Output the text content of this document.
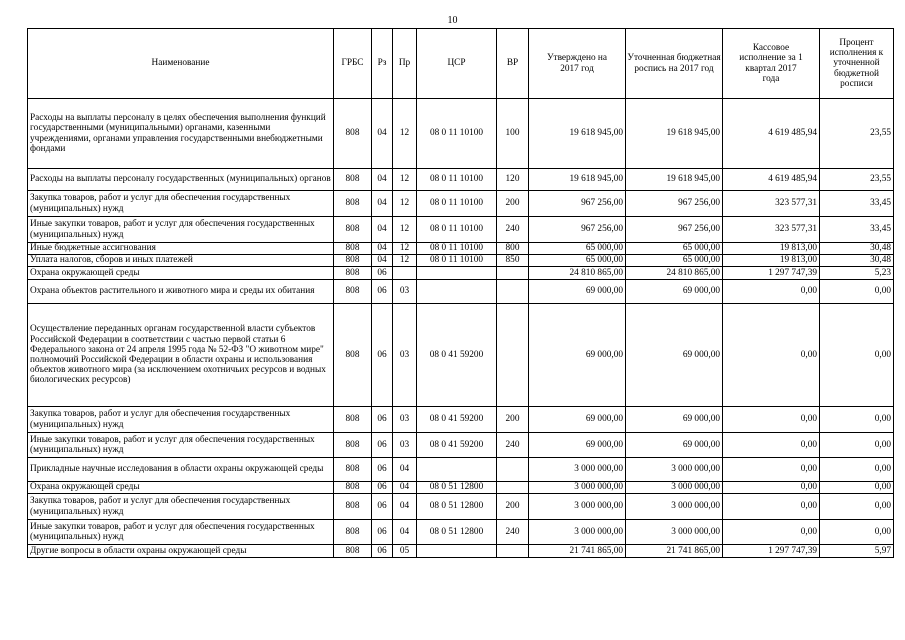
10
Наименование	ГРБС	Рз	Пр	ЦСР	ВР	Утверждено на 2017 год	Уточненная бюджетная роспись на 2017 год	Кассовое исполнение за 1 квартал 2017 года	Процент исполнения к уточненной бюджетной росписи
Расходы на выплаты персоналу в целях обеспечения выполнения функций государственными (муниципальными) органами, казенными учреждениями, органами управления государственными внебюджетными фондами	808	04	12	08 0 11 10100	100	19 618 945,00	19 618 945,00	4 619 485,94	23,55
Расходы на выплаты персоналу государственных (муниципальных) органов	808	04	12	08 0 11 10100	120	19 618 945,00	19 618 945,00	4 619 485,94	23,55
Закупка товаров, работ и услуг для обеспечения государственных (муниципальных) нужд	808	04	12	08 0 11 10100	200	967 256,00	967 256,00	323 577,31	33,45
Иные закупки товаров, работ и услуг для обеспечения государственных (муниципальных) нужд	808	04	12	08 0 11 10100	240	967 256,00	967 256,00	323 577,31	33,45
Иные бюджетные ассигнования	808	04	12	08 0 11 10100	800	65 000,00	65 000,00	19 813,00	30,48
Уплата налогов, сборов и иных платежей	808	04	12	08 0 11 10100	850	65 000,00	65 000,00	19 813,00	30,48
Охрана окружающей среды	808	06				24 810 865,00	24 810 865,00	1 297 747,39	5,23
Охрана объектов растительного и животного мира и среды их обитания	808	06	03			69 000,00	69 000,00	0,00	0,00
Осуществление переданных органам государственной власти субъектов Российской Федерации в соответствии с частью первой статьи 6 Федерального закона от 24 апреля 1995 года № 52-ФЗ "О животном мире" полномочий Российской Федерации в области охраны и использования объектов животного мира (за исключением охотничьих ресурсов и водных биологических ресурсов)	808	06	03	08 0 41 59200		69 000,00	69 000,00	0,00	0,00
Закупка товаров, работ и услуг для обеспечения государственных (муниципальных) нужд	808	06	03	08 0 41 59200	200	69 000,00	69 000,00	0,00	0,00
Иные закупки товаров, работ и услуг для обеспечения государственных (муниципальных) нужд	808	06	03	08 0 41 59200	240	69 000,00	69 000,00	0,00	0,00
Прикладные научные исследования в области охраны окружающей среды	808	06	04			3 000 000,00	3 000 000,00	0,00	0,00
Охрана окружающей среды	808	06	04	08 0 51 12800		3 000 000,00	3 000 000,00	0,00	0,00
Закупка товаров, работ и услуг для обеспечения государственных (муниципальных) нужд	808	06	04	08 0 51 12800	200	3 000 000,00	3 000 000,00	0,00	0,00
Иные закупки товаров, работ и услуг для обеспечения государственных (муниципальных) нужд	808	06	04	08 0 51 12800	240	3 000 000,00	3 000 000,00	0,00	0,00
Другие вопросы в области охраны окружающей среды	808	06	05			21 741 865,00	21 741 865,00	1 297 747,39	5,97
